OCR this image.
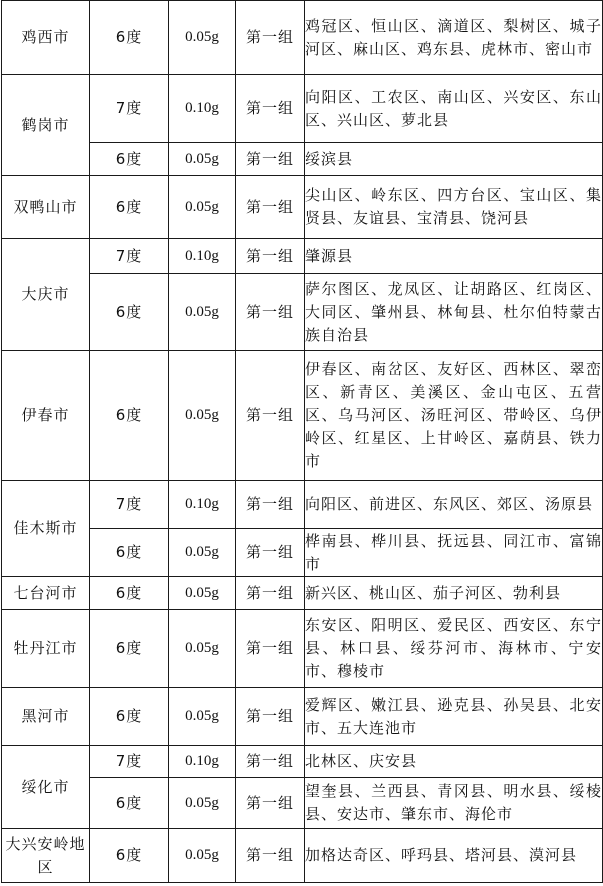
鸡西市	6度	0.05g	第一组	鸡冠区、恒山区、滴道区、梨树区、城子河区、麻山区、鸡东县、虎林市、密山市
鹤岗市	7度	0.10g	第一组	向阳区、工农区、南山区、兴安区、东山区、兴山区、萝北县
	6度	0.05g	第一组	绥滨县
双鸭山市	6度	0.05g	第一组	尖山区、岭东区、四方台区、宝山区、集贤县、友谊县、宝清县、饶河县
大庆市	7度	0.10g	第一组	肇源县
	6度	0.05g	第一组	萨尔图区、龙凤区、让胡路区、红岗区、大同区、肇州县、林甸县、杜尔伯特蒙古族自治县
伊春市	6度	0.05g	第一组	伊春区、南岔区、友好区、西林区、翠峦区、新青区、美溪区、金山屯区、五营区、乌马河区、汤旺河区、带岭区、乌伊岭区、红星区、上甘岭区、嘉荫县、铁力市
佳木斯市	7度	0.10g	第一组	向阳区、前进区、东风区、郊区、汤原县
	6度	0.05g	第一组	桦南县、桦川县、抚远县、同江市、富锦市
七台河市	6度	0.05g	第一组	新兴区、桃山区、茄子河区、勃利县
牡丹江市	6度	0.05g	第一组	东安区、阳明区、爱民区、西安区、东宁县、林口县、绥芬河市、海林市、宁安市、穆棱市
黑河市	6度	0.05g	第一组	爱辉区、嫩江县、逊克县、孙吴县、北安市、五大连池市
绥化市	7度	0.10g	第一组	北林区、庆安县
	6度	0.05g	第一组	望奎县、兰西县、青冈县、明水县、绥棱县、安达市、肇东市、海伦市
大兴安岭地区	6度	0.05g	第一组	加格达奇区、呼玛县、塔河县、漠河县
